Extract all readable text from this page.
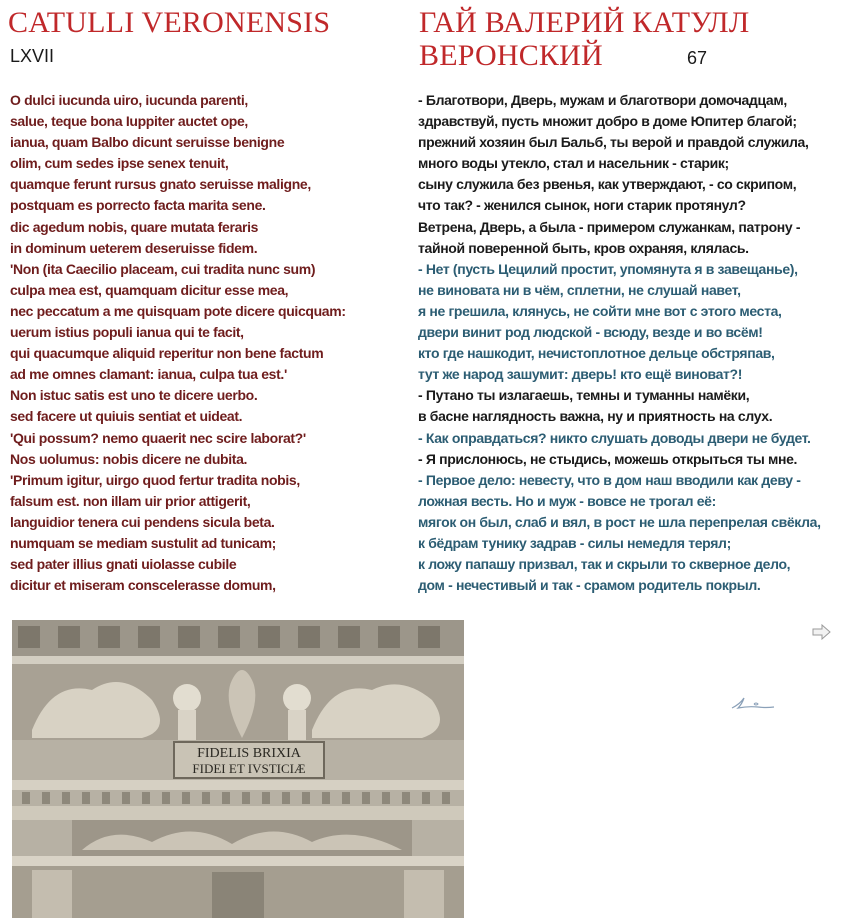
CATULLI VERONENSIS
LXVII
ГАЙ ВАЛЕРИЙ КАТУЛЛ
ВЕРОНСКИЙ	67
O dulci iucunda uiro, iucunda parenti,
salue, teque bona Iuppiter auctet ope,
ianua, quam Balbo dicunt seruisse benigne
olim, cum sedes ipse senex tenuit,
quamque ferunt rursus gnato seruisse maligne,
postquam es porrecto facta marita sene.
dic agedum nobis, quare mutata feraris
in dominum ueterem deseruisse fidem.
'Non (ita Caecilio placeam, cui tradita nunc sum)
culpa mea est, quamquam dicitur esse mea,
nec peccatum a me quisquam pote dicere quicquam:
uerum istius populi ianua qui te facit,
qui quacumque aliquid reperitur non bene factum
ad me omnes clamant: ianua, culpa tua est.'
Non istuc satis est uno te dicere uerbo.
sed facere ut quiuis sentiat et uideat.
'Qui possum? nemo quaerit nec scire laborat?'
Nos uolumus: nobis dicere ne dubita.
'Primum igitur, uirgo quod fertur tradita nobis,
falsum est. non illam uir prior attigerit,
languidior tenera cui pendens sicula beta.
numquam se mediam sustulit ad tunicam;
sed pater illius gnati uiolasse cubile
dicitur et miseram conscelerasse domum,
- Благотвори, Дверь, мужам и благотвори домочадцам,
здравствуй, пусть множит добро в доме Юпитер благой;
прежний хозяин был Бальб, ты верой и правдой служила,
много воды утекло, стал и насельник - старик;
сыну служила без рвенья, как утверждают, - со скрипом,
что так? - женился сынок, ноги старик протянул?
Ветрена, Дверь, а была - примером служанкам, патрону -
тайной поверенной быть, кров охраняя, клялась.
- Нет (пусть Цецилий простит, упомянута я в завещанье),
не виновата ни в чём, сплетни, не слушай навет,
я не грешила, клянусь, не сойти мне вот с этого места,
двери винит род людской - всюду, везде и во всём!
кто где нашкодит, нечистоплотное дельце обстряпав,
тут же народ зашумит: дверь! кто ещё виноват?!
- Путано ты излагаешь, темны и туманны намёки,
в басне наглядность важна, ну и приятность на слух.
- Как оправдаться? никто слушать доводы двери не будет.
- Я прислонюсь, не стыдись, можешь открыться ты мне.
- Первое дело: невесту, что в дом наш вводили как деву -
ложная весть. Но и муж - вовсе не трогал её:
мягок он был, слаб и вял, в рост не шла перепрелая свёкла,
к бёдрам тунику задрав - силы немедля терял;
к ложу папашу призвал, так и скрыли то скверное дело,
дом - нечестивый и так - срамом родитель покрыл.
FIDELIS BRIXIA
FIDEI ET IVSTICIÆ
